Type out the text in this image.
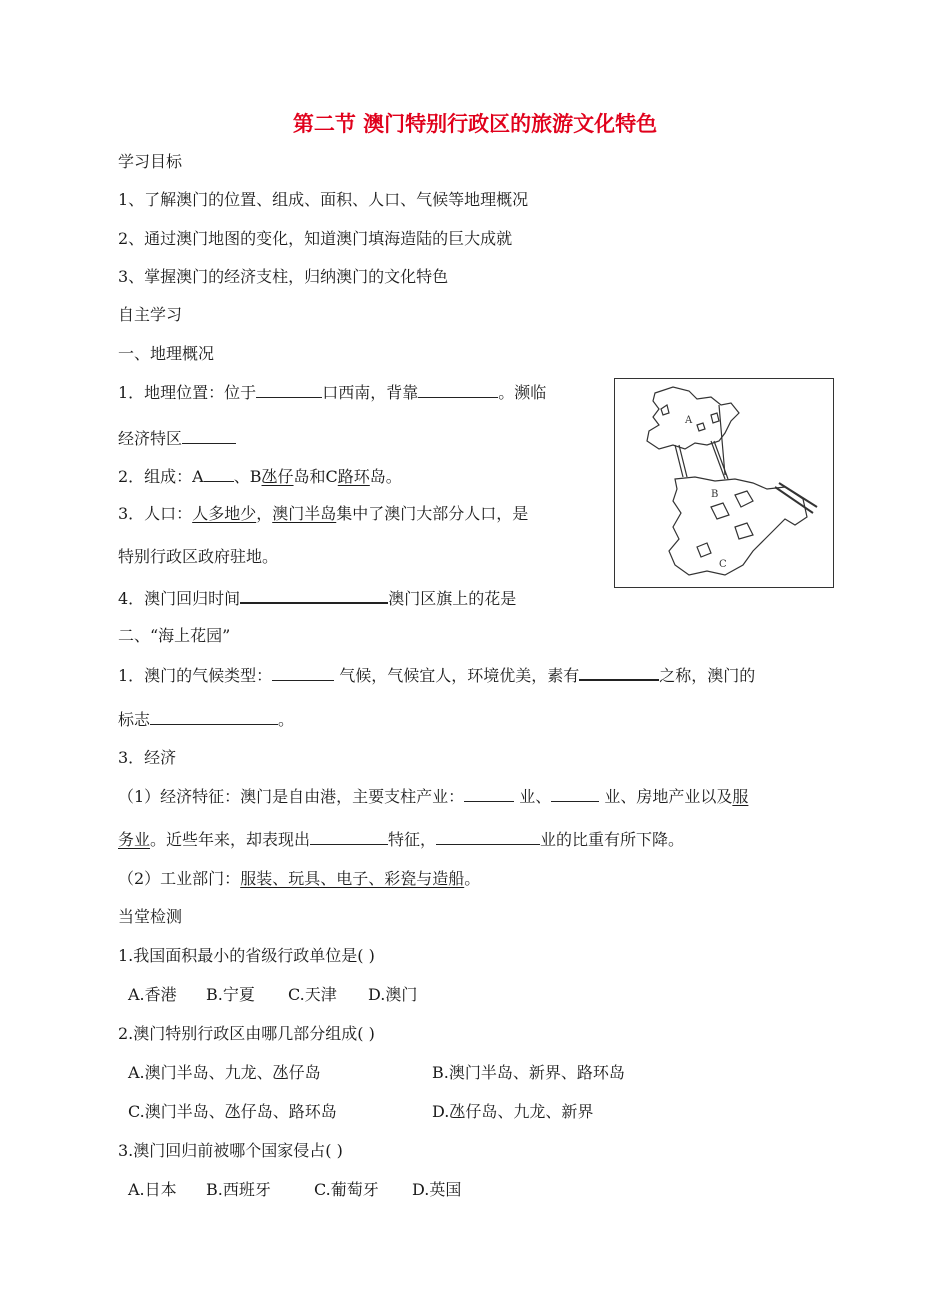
第二节 澳门特别行政区的旅游文化特色
学习目标
1、了解澳门的位置、组成、面积、人口、气候等地理概况
2、通过澳门地图的变化，知道澳门填海造陆的巨大成就
3、掌握澳门的经济支柱，归纳澳门的文化特色
自主学习
一、地理概况
1．地理位置：位于	口西南，背靠	。濒临
经济特区
2．组成：A 、B氹仔岛和C路环岛。
3．人口：人多地少，澳门半岛集中了澳门大部分人口，是
特别行政区政府驻地。
4．澳门回归时间	澳门区旗上的花是
A
B
C
二、“海上花园”
1．澳门的气候类型：	气候，气候宜人，环境优美，素有	之称，澳门的
标志	。
3．经济
（1）经济特征：澳门是自由港，主要支柱产业：	业、	业、房地产业以及服
务业。近些年来，却表现出	特征，	业的比重有所下降。
（2）工业部门：服装、玩具、电子、彩瓷与造船。
当堂检测
1.我国面积最小的省级行政单位是( )
A.香港 B.宁夏 C.天津 D.澳门
2.澳门特别行政区由哪几部分组成( )
A.澳门半岛、九龙、氹仔岛	B.澳门半岛、新界、路环岛
C.澳门半岛、氹仔岛、路环岛	D.氹仔岛、九龙、新界
3.澳门回归前被哪个国家侵占( )
A.日本 B.西班牙	C.葡萄牙 D.英国
